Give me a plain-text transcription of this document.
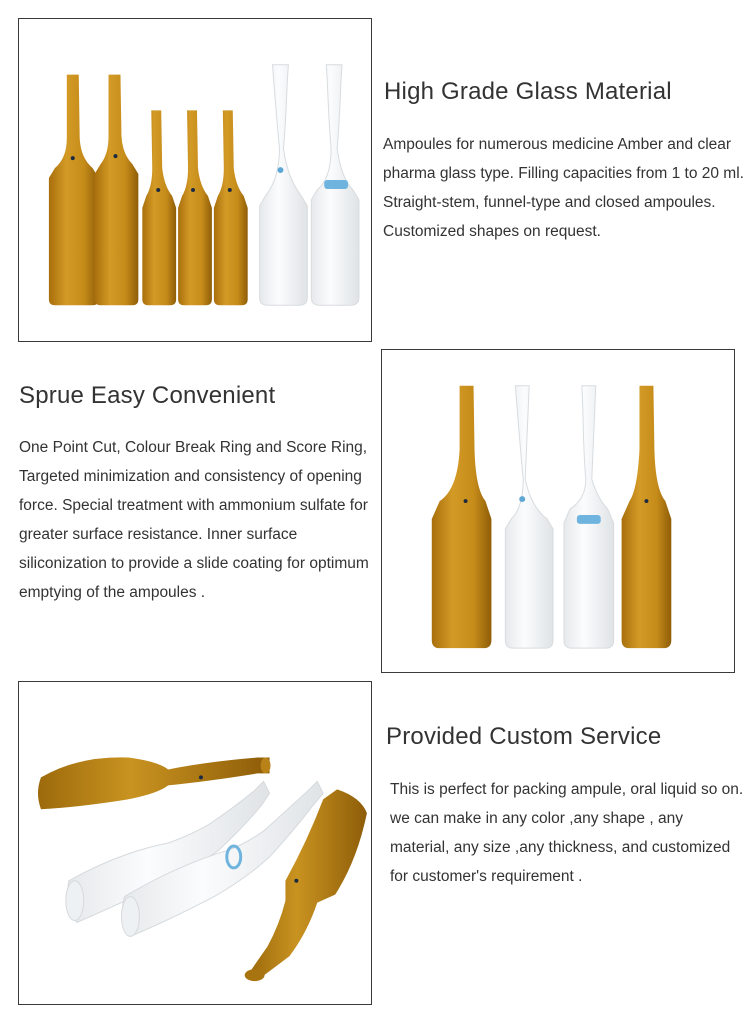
High Grade Glass Material

Ampoules for numerous medicine Amber and clear pharma glass type. Filling capacities from 1 to 20 ml. Straight-stem, funnel-type and closed ampoules. Customized shapes on request.

Sprue Easy Convenient

One Point Cut, Colour Break Ring and Score Ring, Targeted minimization and consistency of opening force. Special treatment with ammonium sulfate for greater surface resistance. Inner surface siliconization to provide a slide coating for optimum emptying of the ampoules .

Provided Custom Service

This is perfect for packing ampule, oral liquid so on. we can make in any color ,any shape , any material, any size ,any thickness, and customized for customer's requirement .
